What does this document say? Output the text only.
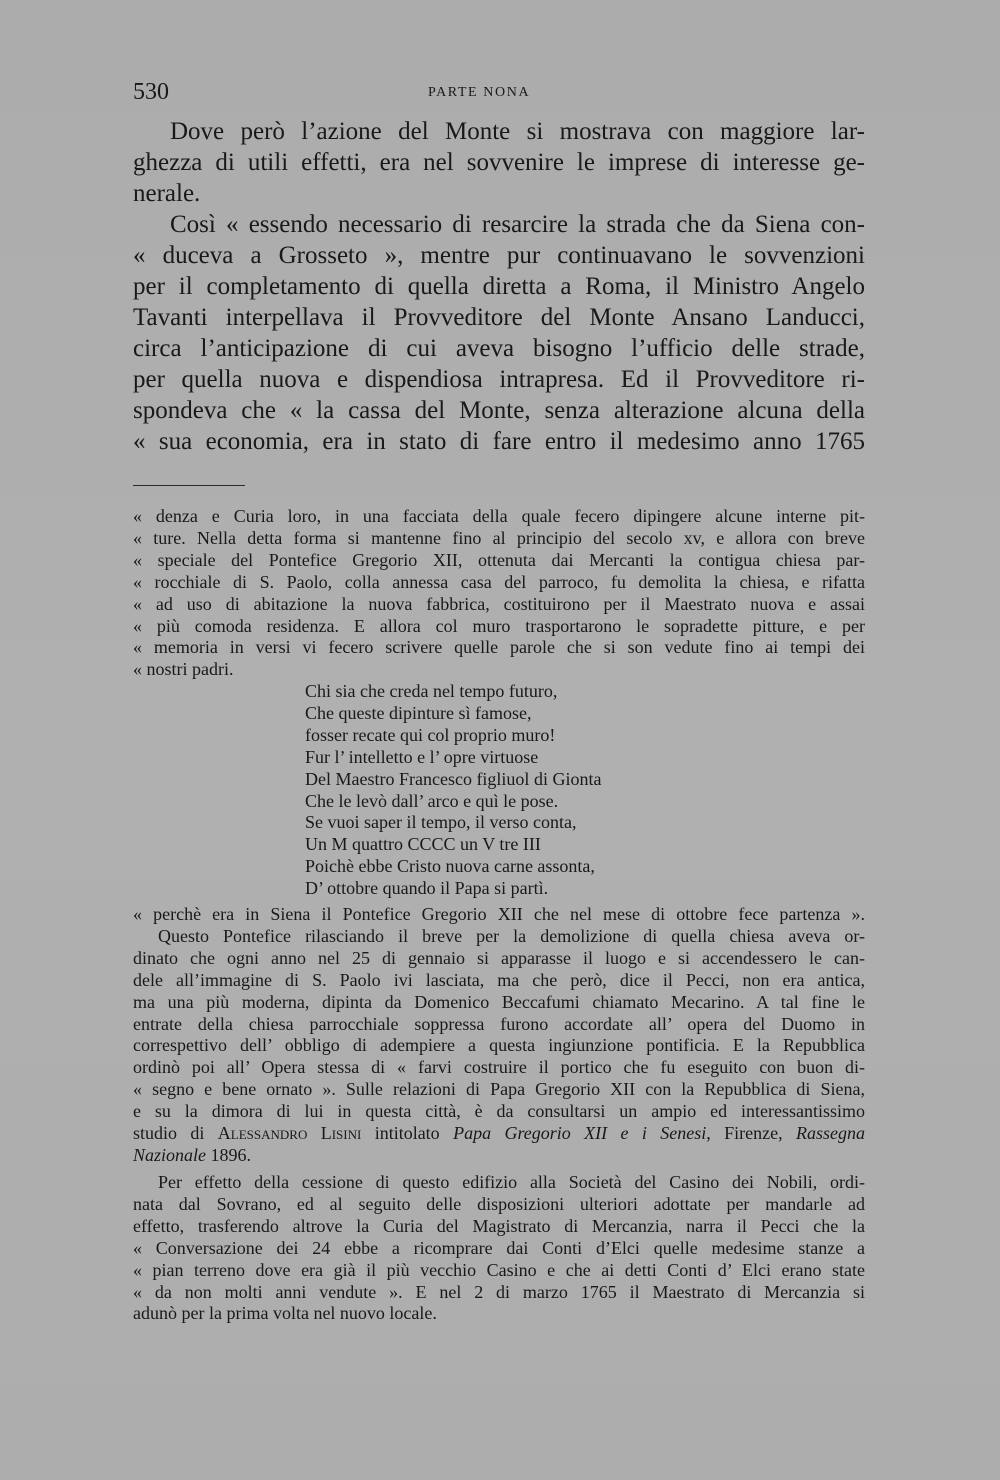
530	PARTE NONA
Dove però l’azione del Monte si mostrava con maggiore lar-
ghezza di utili effetti, era nel sovvenire le imprese di interesse ge-
nerale.
Così « essendo necessario di resarcire la strada che da Siena con-
« duceva a Grosseto », mentre pur continuavano le sovvenzioni
per il completamento di quella diretta a Roma, il Ministro Angelo
Tavanti interpellava il Provveditore del Monte Ansano Landucci,
circa l’anticipazione di cui aveva bisogno l’ufficio delle strade,
per quella nuova e dispendiosa intrapresa. Ed il Provveditore ri-
spondeva che « la cassa del Monte, senza alterazione alcuna della
« sua economia, era in stato di fare entro il medesimo anno 1765
« denza e Curia loro, in una facciata della quale fecero dipingere alcune interne pit-
« ture. Nella detta forma si mantenne fino al principio del secolo xv, e allora con breve
« speciale del Pontefice Gregorio XII, ottenuta dai Mercanti la contigua chiesa par-
« rocchiale di S. Paolo, colla annessa casa del parroco, fu demolita la chiesa, e rifatta
« ad uso di abitazione la nuova fabbrica, costituirono per il Maestrato nuova e assai
« più comoda residenza. E allora col muro trasportarono le sopradette pitture, e per
« memoria in versi vi fecero scrivere quelle parole che si son vedute fino ai tempi dei
« nostri padri.
Chi sia che creda nel tempo futuro,
Che queste dipinture sì famose,
fosser recate qui col proprio muro!
Fur l’ intelletto e l’ opre virtuose
Del Maestro Francesco figliuol di Gionta
Che le levò dall’ arco e quì le pose.
Se vuoi saper il tempo, il verso conta,
Un M quattro CCCC un V tre III
Poichè ebbe Cristo nuova carne assonta,
D’ ottobre quando il Papa si partì.
« perchè era in Siena il Pontefice Gregorio XII che nel mese di ottobre fece partenza ».
Questo Pontefice rilasciando il breve per la demolizione di quella chiesa aveva or-
dinato che ogni anno nel 25 di gennaio si apparasse il luogo e si accendessero le can-
dele all’immagine di S. Paolo ivi lasciata, ma che però, dice il Pecci, non era antica,
ma una più moderna, dipinta da Domenico Beccafumi chiamato Mecarino. A tal fine le
entrate della chiesa parrocchiale soppressa furono accordate all’ opera del Duomo in
correspettivo dell’ obbligo di adempiere a questa ingiunzione pontificia. E la Repubblica
ordinò poi all’ Opera stessa di « farvi costruire il portico che fu eseguito con buon di-
« segno e bene ornato ». Sulle relazioni di Papa Gregorio XII con la Repubblica di Siena,
e su la dimora di lui in questa città, è da consultarsi un ampio ed interessantissimo
studio di Alessandro Lisini intitolato Papa Gregorio XII e i Senesi, Firenze, Rassegna
Nazionale 1896.
Per effetto della cessione di questo edifizio alla Società del Casino dei Nobili, ordi-
nata dal Sovrano, ed al seguito delle disposizioni ulteriori adottate per mandarle ad
effetto, trasferendo altrove la Curia del Magistrato di Mercanzia, narra il Pecci che la
« Conversazione dei 24 ebbe a ricomprare dai Conti d’Elci quelle medesime stanze a
« pian terreno dove era già il più vecchio Casino e che ai detti Conti d’ Elci erano state
« da non molti anni vendute ». E nel 2 di marzo 1765 il Maestrato di Mercanzia si
adunò per la prima volta nel nuovo locale.
